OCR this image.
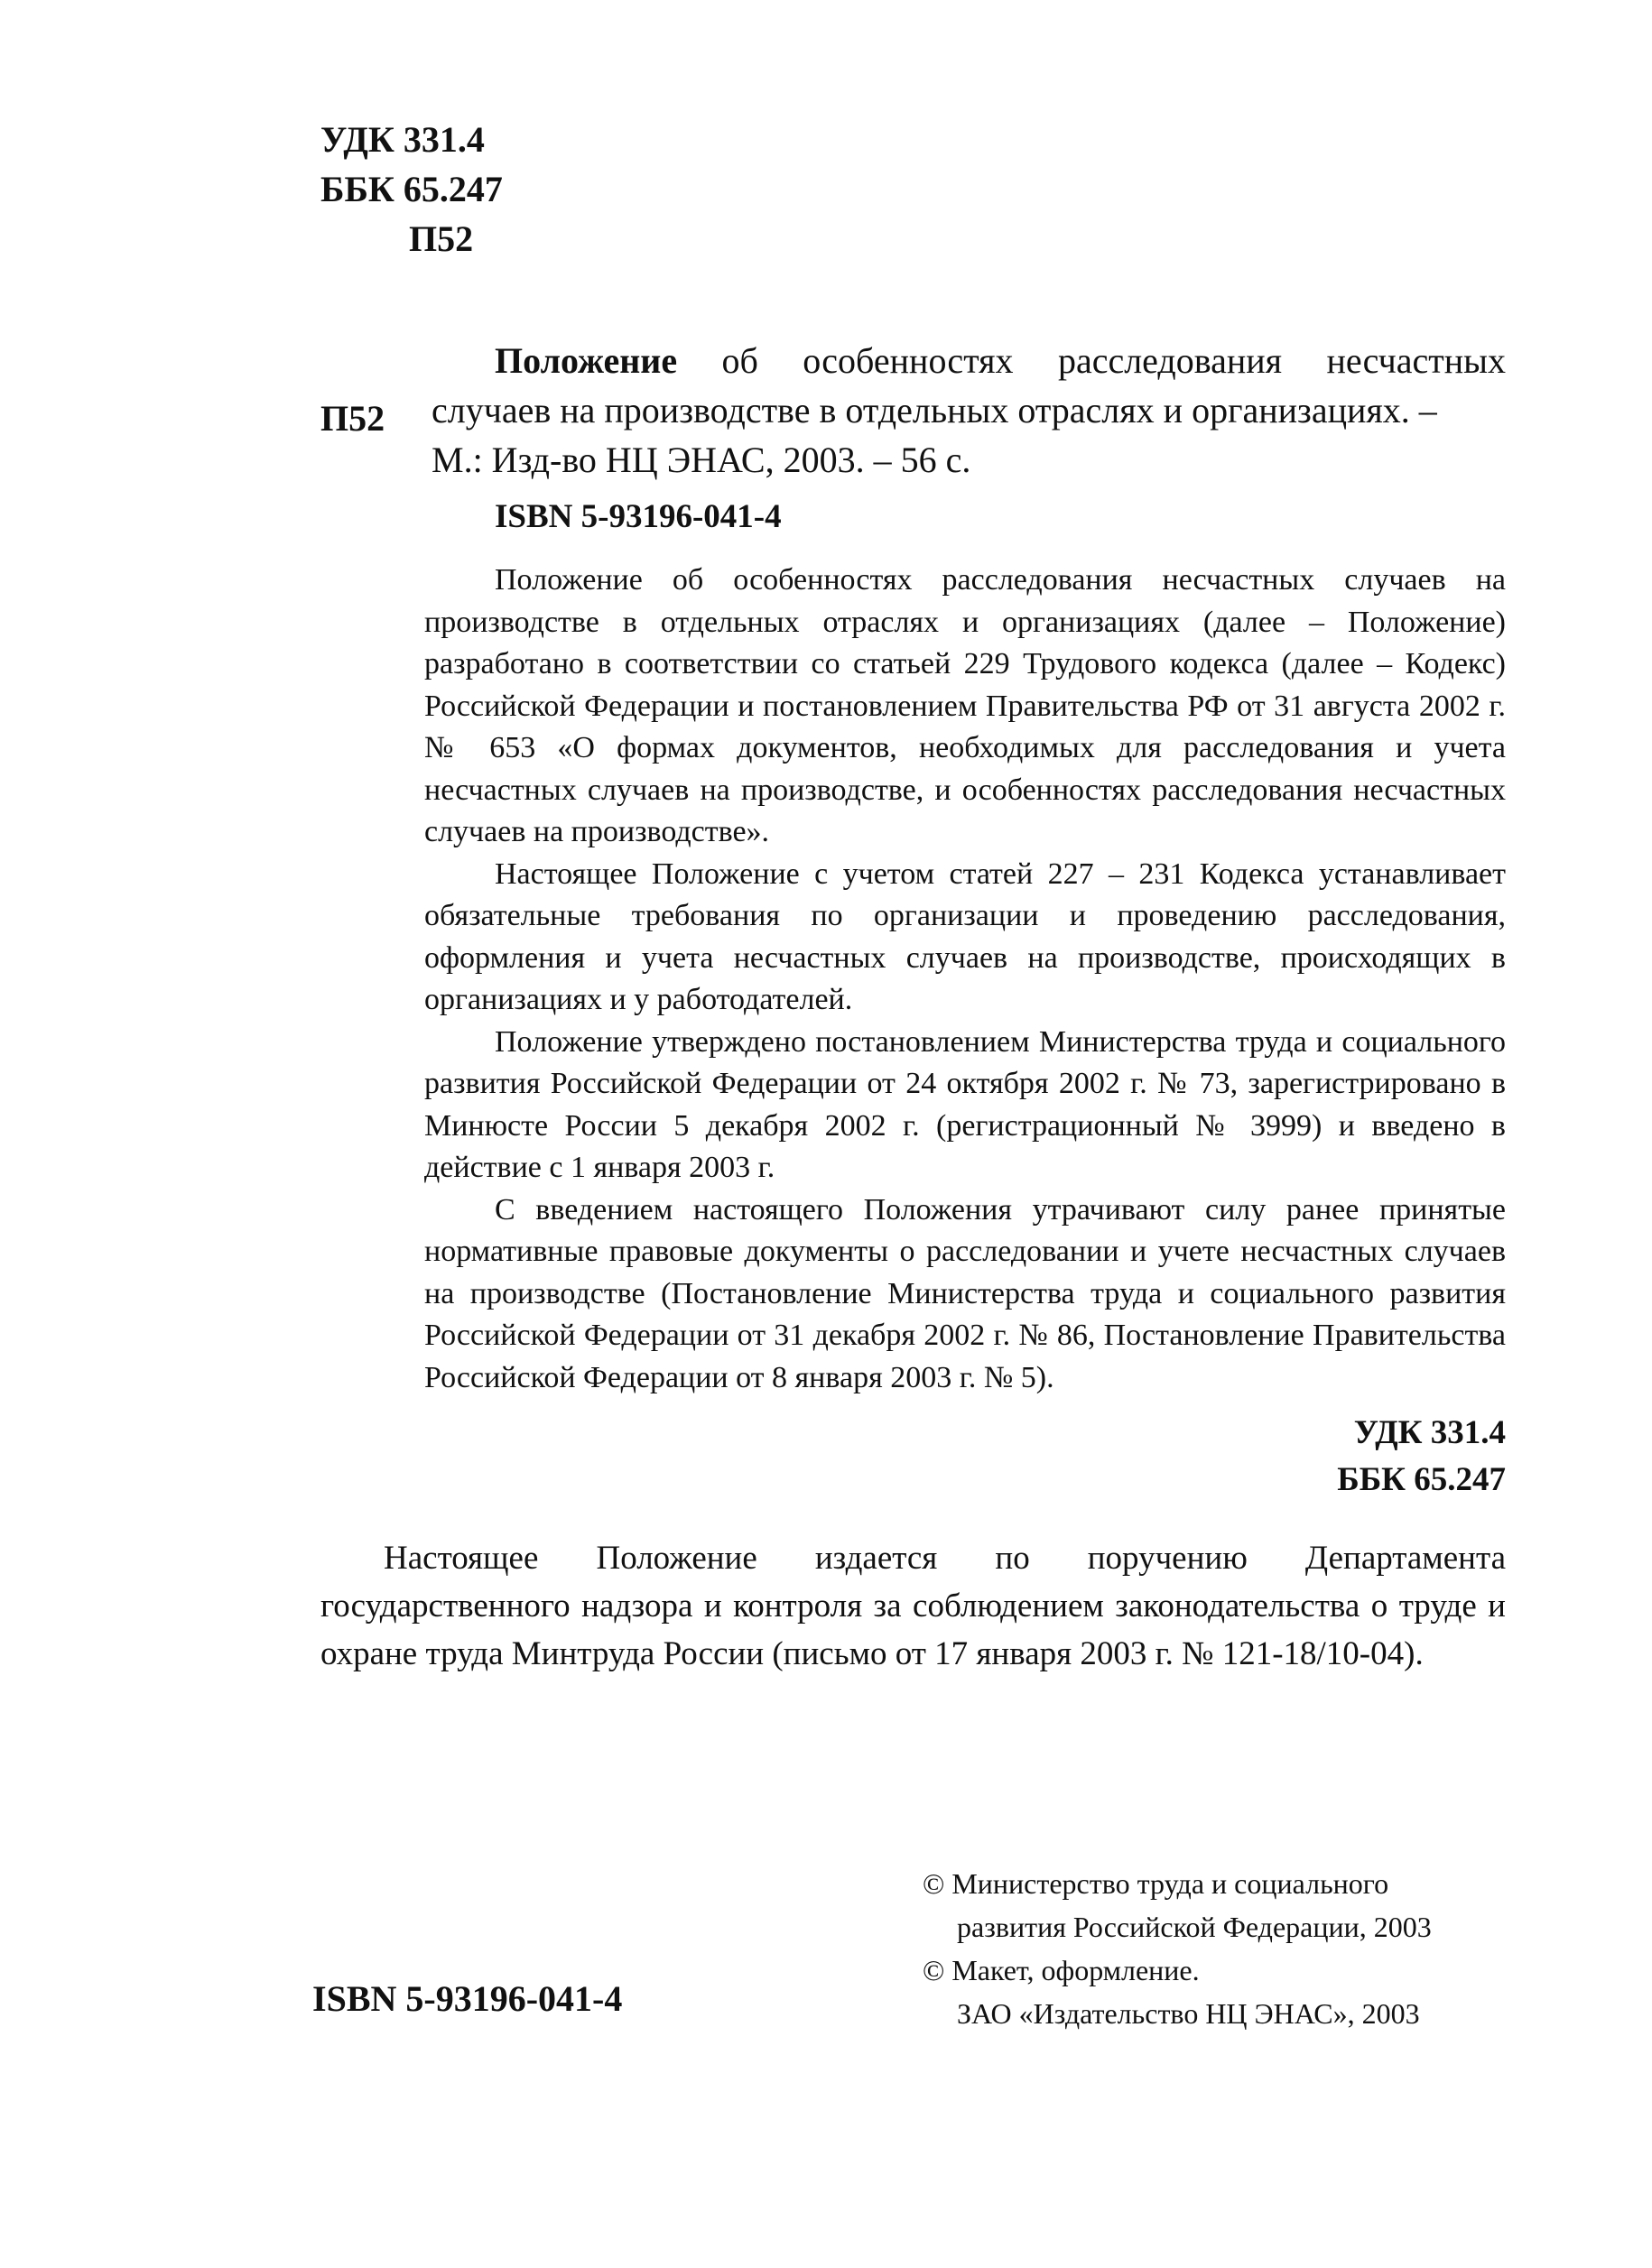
УДК 331.4
ББК 65.247
П52
П52
Положение об особенностях расследования несчастных
случаев на производстве в отдельных отраслях и организациях. –
М.: Изд-во НЦ ЭНАС, 2003. – 56 с.
ISBN 5-93196-041-4

Положение об особенностях расследования несчастных случаев на производстве в отдельных отраслях и организациях (далее – Положение) разработано в соответствии со статьей 229 Трудового кодекса (далее – Кодекс) Российской Федерации и постановлением Правительства РФ от 31 августа 2002 г. № 653 «О формах документов, необходимых для расследования и учета несчастных случаев на производстве, и особенностях расследования несчастных случаев на производстве».

Настоящее Положение с учетом статей 227 – 231 Кодекса устанавливает обязательные требования по организации и проведению расследования, оформления и учета несчастных случаев на производстве, происходящих в организациях и у работодателей.

Положение утверждено постановлением Министерства труда и социального развития Российской Федерации от 24 октября 2002 г. № 73, зарегистрировано в Минюсте России 5 декабря 2002 г. (регистрационный № 3999) и введено в действие с 1 января 2003 г.

С введением настоящего Положения утрачивают силу ранее принятые нормативные правовые документы о расследовании и учете несчастных случаев на производстве (Постановление Министерства труда и социального развития Российской Федерации от 31 декабря 2002 г. № 86, Постановление Правительства Российской Федерации от 8 января 2003 г. № 5).

УДК 331.4
ББК 65.247

Настоящее Положение издается по поручению Департамента государственного надзора и контроля за соблюдением законодательства о труде и охране труда Минтруда России (письмо от 17 января 2003 г. № 121-18/10-04).

© Министерство труда и социального
развития Российской Федерации, 2003
© Макет, оформление.
ЗАО «Издательство НЦ ЭНАС», 2003
ISBN 5-93196-041-4
